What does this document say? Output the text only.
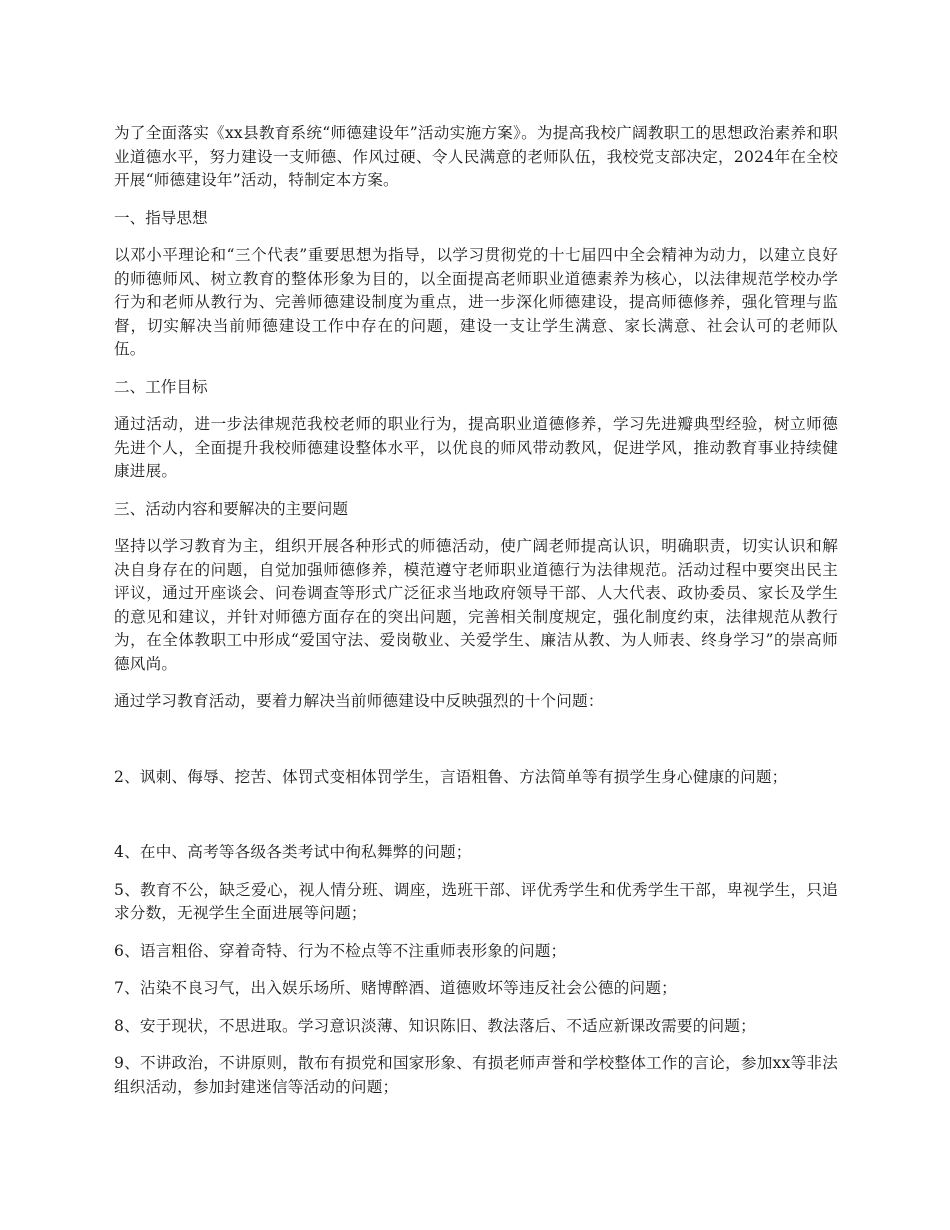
为了全面落实《xx县教育系统“师德建设年”活动实施方案》。为提高我校广阔教职工的思想政治素养和职业道德水平，努力建设一支师德、作风过硬、令人民满意的老师队伍，我校党支部决定，2024年在全校开展“师德建设年”活动，特制定本方案。

一、指导思想

以邓小平理论和“三个代表”重要思想为指导，以学习贯彻党的十七届四中全会精神为动力，以建立良好的师德师风、树立教育的整体形象为目的，以全面提高老师职业道德素养为核心，以法律规范学校办学行为和老师从教行为、完善师德建设制度为重点，进一步深化师德建设，提高师德修养，强化管理与监督，切实解决当前师德建设工作中存在的问题，建设一支让学生满意、家长满意、社会认可的老师队伍。

二、工作目标

通过活动，进一步法律规范我校老师的职业行为，提高职业道德修养，学习先进瓣典型经验，树立师德先进个人，全面提升我校师德建设整体水平，以优良的师风带动教风，促进学风，推动教育事业持续健康进展。

三、活动内容和要解决的主要问题

坚持以学习教育为主，组织开展各种形式的师德活动，使广阔老师提高认识，明确职责，切实认识和解决自身存在的问题，自觉加强师德修养，模范遵守老师职业道德行为法律规范。活动过程中要突出民主评议，通过开座谈会、问卷调查等形式广泛征求当地政府领导干部、人大代表、政协委员、家长及学生的意见和建议，并针对师德方面存在的突出问题，完善相关制度规定，强化制度约束，法律规范从教行为，在全体教职工中形成“爱国守法、爱岗敬业、关爱学生、廉洁从教、为人师表、终身学习”的崇高师德风尚。

通过学习教育活动，要着力解决当前师德建设中反映强烈的十个问题：

2、讽刺、侮辱、挖苦、体罚式变相体罚学生，言语粗鲁、方法简单等有损学生身心健康的问题；

4、在中、高考等各级各类考试中徇私舞弊的问题；

5、教育不公，缺乏爱心，视人情分班、调座，选班干部、评优秀学生和优秀学生干部，卑视学生，只追求分数，无视学生全面进展等问题；

6、语言粗俗、穿着奇特、行为不检点等不注重师表形象的问题；

7、沾染不良习气，出入娱乐场所、赌博醉酒、道德败坏等违反社会公德的问题；

8、安于现状，不思进取。学习意识淡薄、知识陈旧、教法落后、不适应新课改需要的问题；

9、不讲政治，不讲原则，散布有损党和国家形象、有损老师声誉和学校整体工作的言论，参加xx等非法组织活动，参加封建迷信等活动的问题；
